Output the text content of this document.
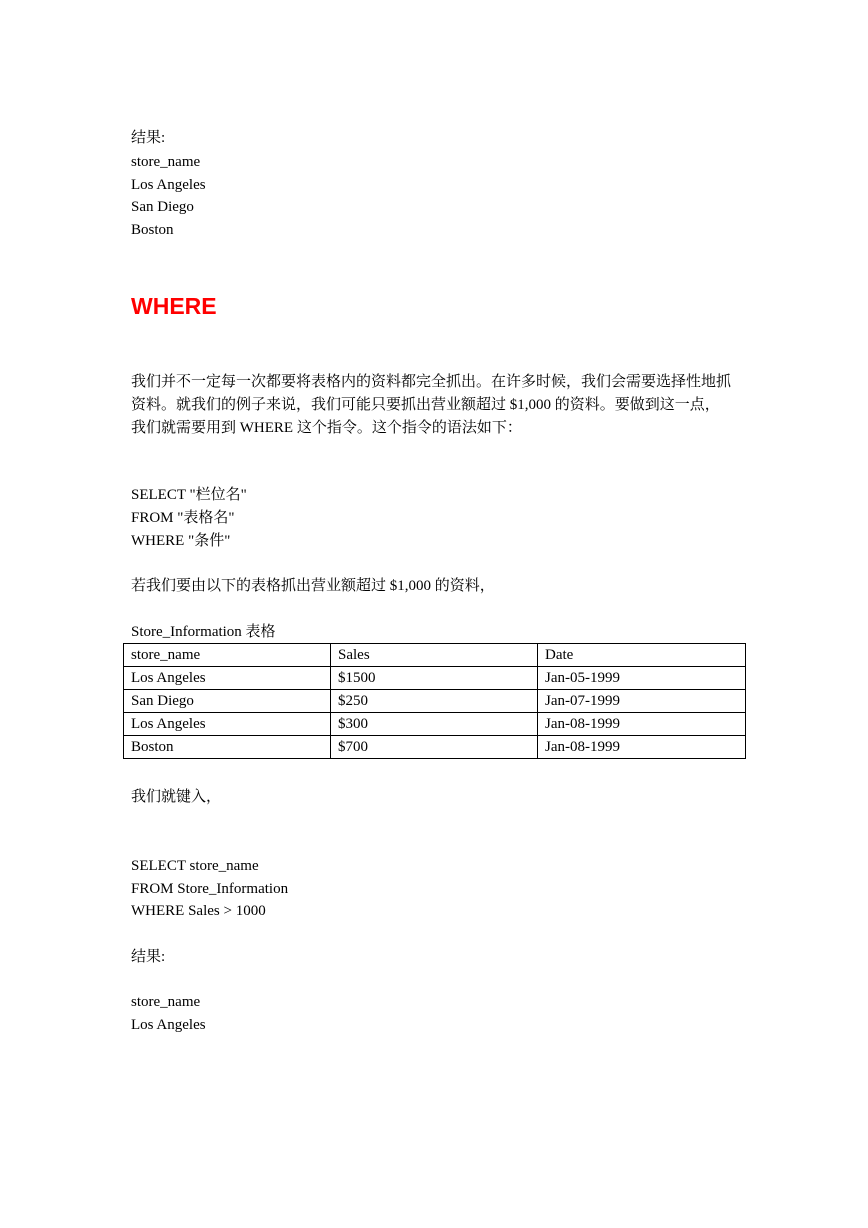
结果:
store_name
Los Angeles
San Diego
Boston
WHERE
我们并不一定每一次都要将表格内的资料都完全抓出。在许多时候，我们会需要选择性地抓
资料。就我们的例子来说，我们可能只要抓出营业额超过 $1,000 的资料。要做到这一点，
我们就需要用到 WHERE 这个指令。这个指令的语法如下：
SELECT "栏位名"
FROM "表格名"
WHERE "条件"
若我们要由以下的表格抓出营业额超过 $1,000 的资料，
Store_Information 表格
store_name	Sales	Date
Los Angeles	$1500	Jan-05-1999
San Diego	$250	Jan-07-1999
Los Angeles	$300	Jan-08-1999
Boston	$700	Jan-08-1999
我们就键入，
SELECT store_name
FROM Store_Information
WHERE Sales > 1000
结果:
store_name
Los Angeles
